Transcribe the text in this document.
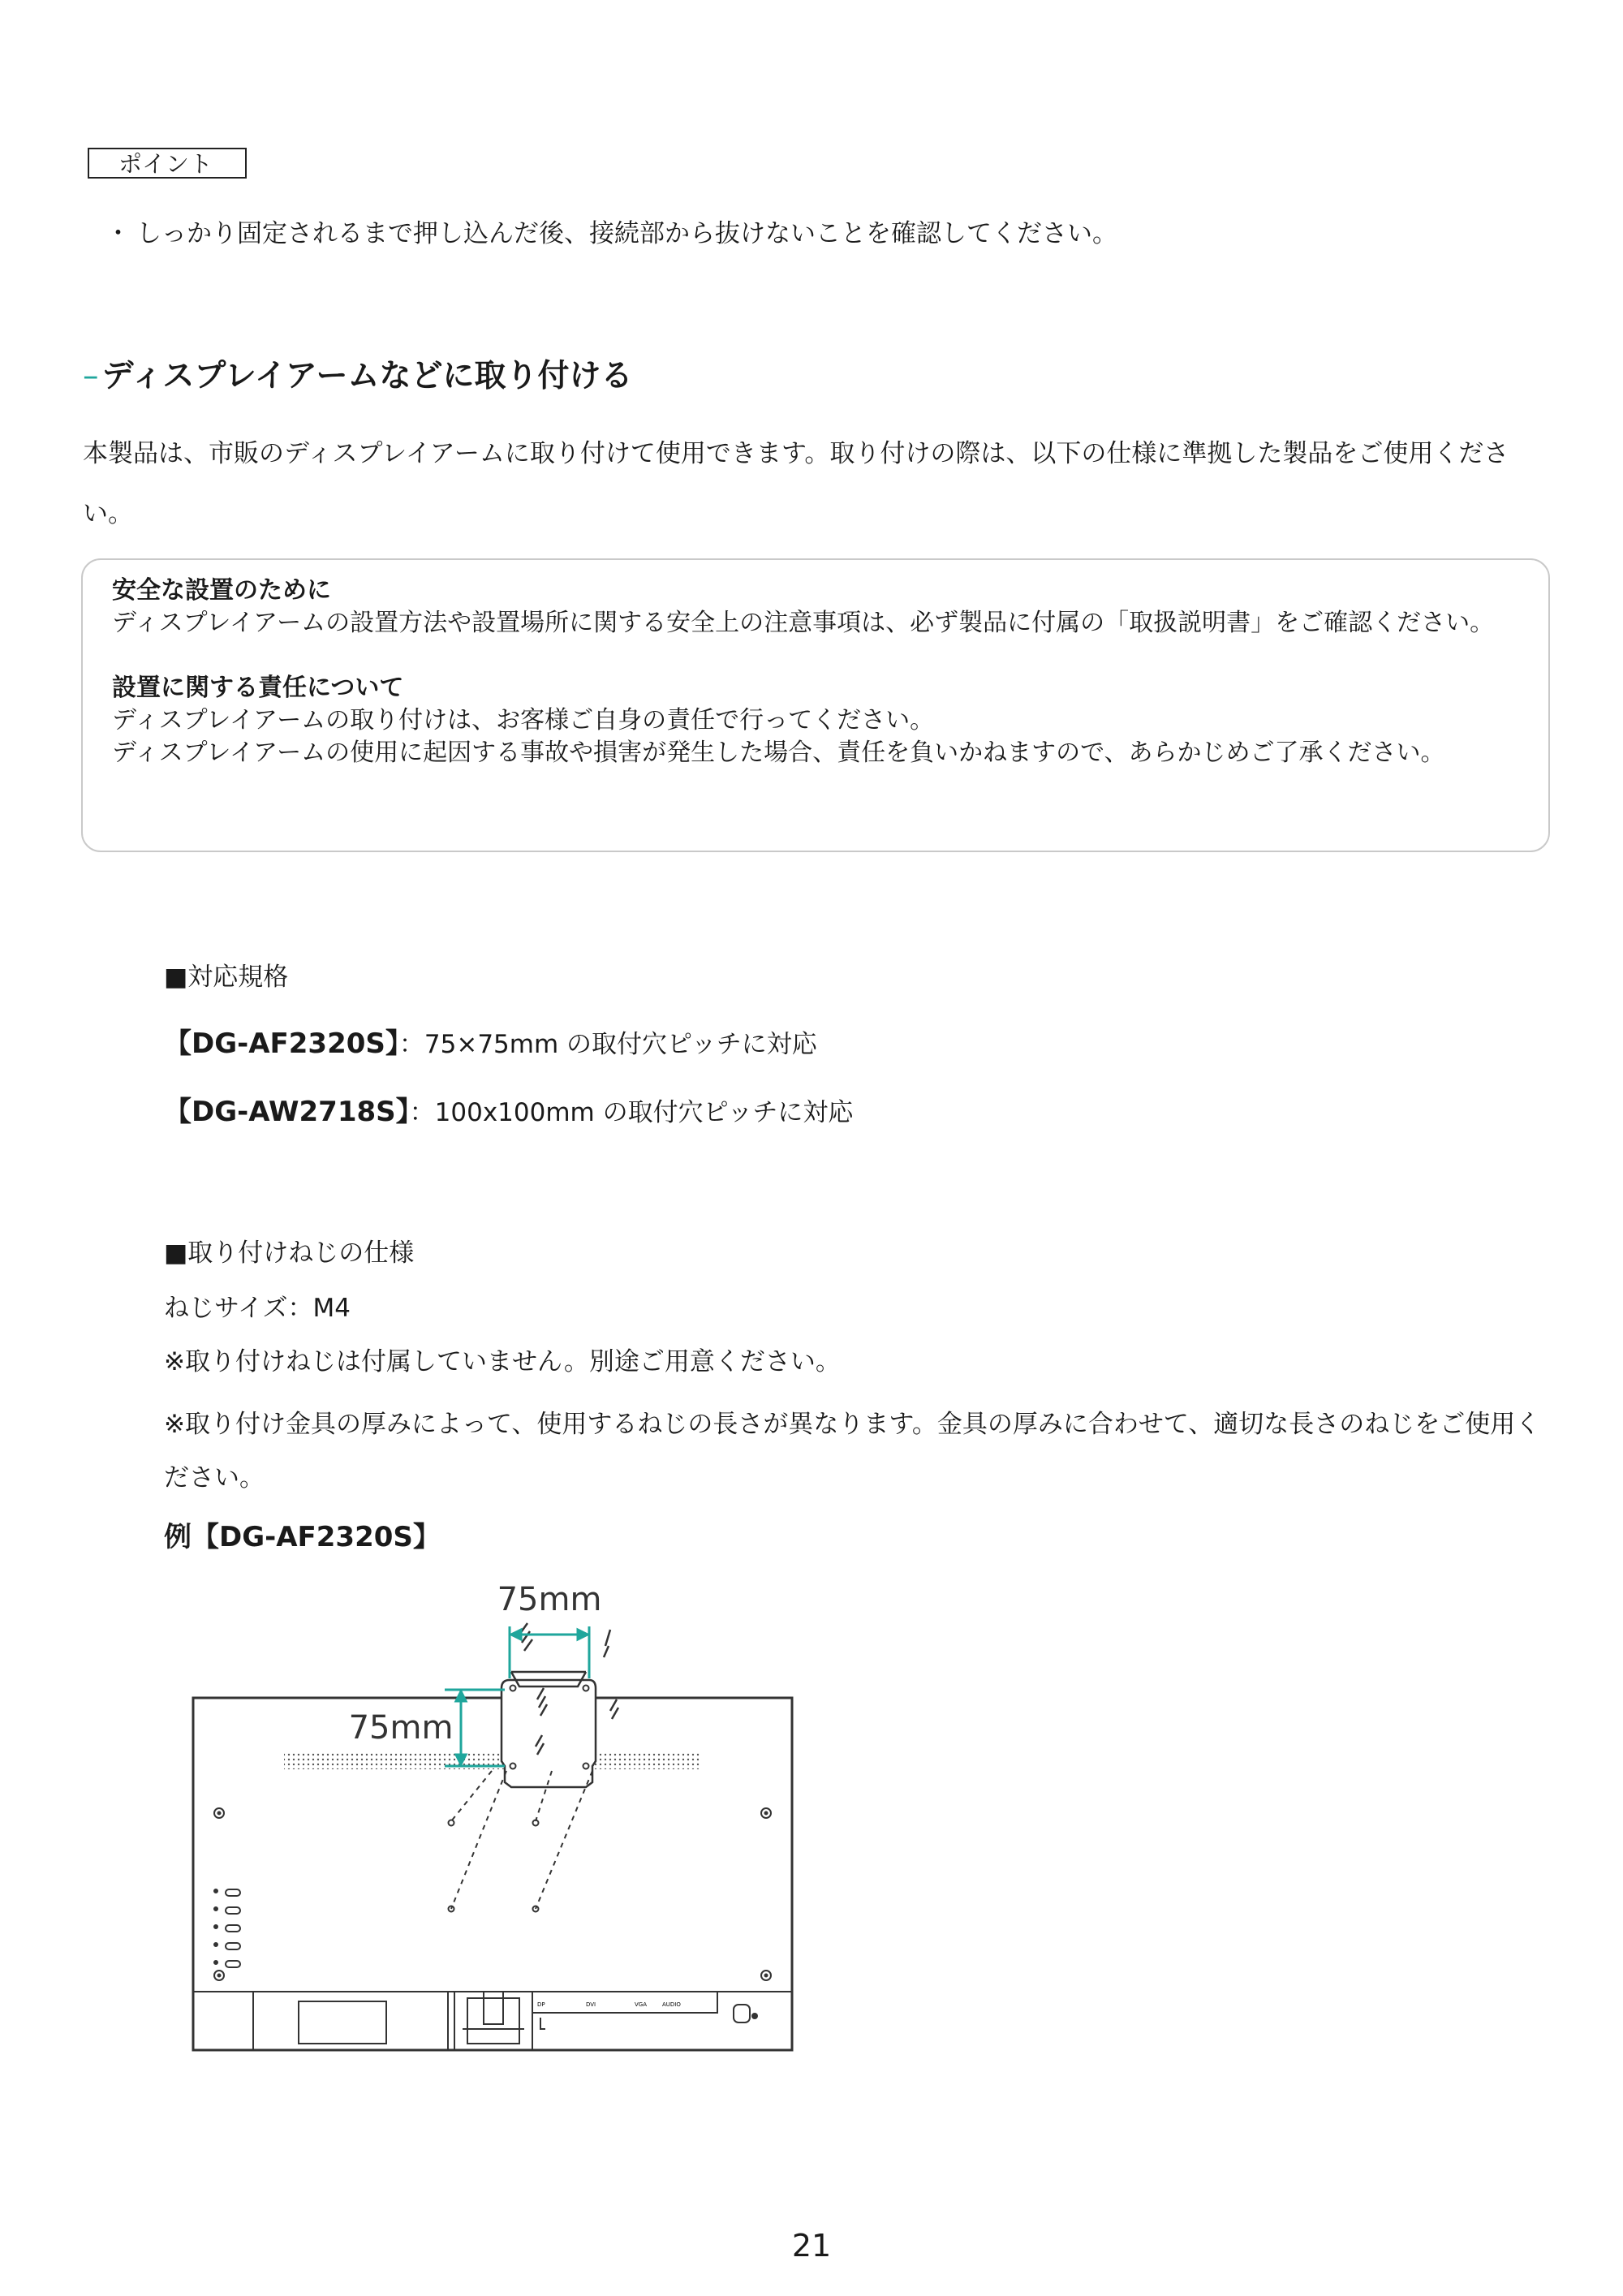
ポイント
・ しっかり固定されるまで押し込んだ後、接続部から抜けないことを確認してください。
– ディスプレイアームなどに取り付ける
本製品は、市販のディスプレイアームに取り付けて使用できます。取り付けの際は、以下の仕様に準拠した製品をご使用ください。
安全な設置のために
ディスプレイアームの設置方法や設置場所に関する安全上の注意事項は、必ず製品に付属の「取扱説明書」をご確認ください。
設置に関する責任について
ディスプレイアームの取り付けは、お客様ご自身の責任で行ってください。
ディスプレイアームの使用に起因する事故や損害が発生した場合、責任を負いかねますので、あらかじめご了承ください。
■対応規格
【DG-AF2320S】：75×75mm の取付穴ピッチに対応
【DG-AW2718S】：100x100mm の取付穴ピッチに対応
■取り付けねじの仕様
ねじサイズ：M4
※取り付けねじは付属していません。別途ご用意ください。
※取り付け金具の厚みによって、使用するねじの長さが異なります。金具の厚みに合わせて、適切な長さのねじをご使用ください。
例【DG-AF2320S】
DP	DVI	VGA	AUDIO
75mm
75mm
21
